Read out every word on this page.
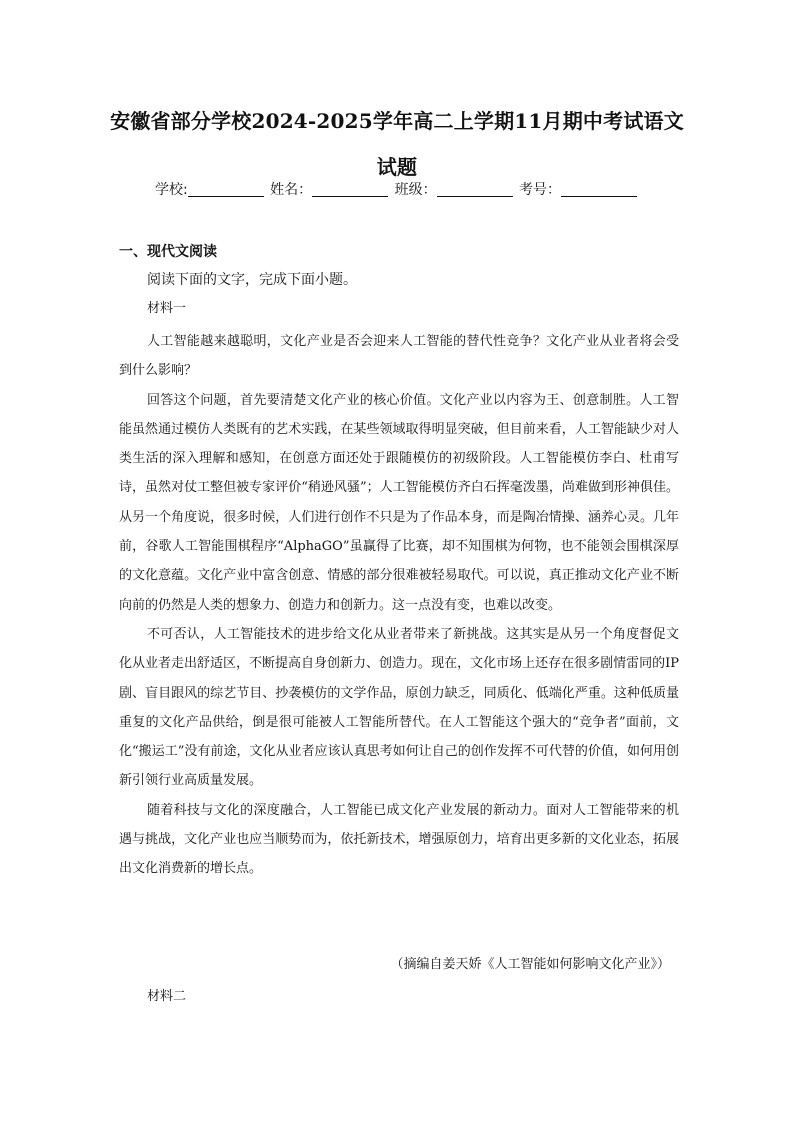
安徽省部分学校2024-2025学年高二上学期11月期中考试语文试题
学校:	姓名：	班级：	考号：
一、现代文阅读
阅读下面的文字，完成下面小题。
材料一

人工智能越来越聪明，文化产业是否会迎来人工智能的替代性竞争？文化产业从业者将会受到什么影响？

回答这个问题，首先要清楚文化产业的核心价值。文化产业以内容为王、创意制胜。人工智能虽然通过模仿人类既有的艺术实践，在某些领域取得明显突破，但目前来看，人工智能缺少对人类生活的深入理解和感知，在创意方面还处于跟随模仿的初级阶段。人工智能模仿李白、杜甫写诗，虽然对仗工整但被专家评价“稍逊风骚”；人工智能模仿齐白石挥毫泼墨，尚难做到形神俱佳。从另一个角度说，很多时候，人们进行创作不只是为了作品本身，而是陶冶情操、涵养心灵。几年前，谷歌人工智能围棋程序“AlphaGO”虽赢得了比赛，却不知围棋为何物，也不能领会围棋深厚的文化意蕴。文化产业中富含创意、情感的部分很难被轻易取代。可以说，真正推动文化产业不断向前的仍然是人类的想象力、创造力和创新力。这一点没有变，也难以改变。

不可否认，人工智能技术的进步给文化从业者带来了新挑战。这其实是从另一个角度督促文化从业者走出舒适区，不断提高自身创新力、创造力。现在，文化市场上还存在很多剧情雷同的IP剧、盲目跟风的综艺节目、抄袭模仿的文学作品，原创力缺乏，同质化、低端化严重。这种低质量重复的文化产品供给，倒是很可能被人工智能所替代。在人工智能这个强大的“竞争者”面前，文化“搬运工”没有前途，文化从业者应该认真思考如何让自己的创作发挥不可代替的价值，如何用创新引领行业高质量发展。

随着科技与文化的深度融合，人工智能已成文化产业发展的新动力。面对人工智能带来的机遇与挑战，文化产业也应当顺势而为，依托新技术，增强原创力，培育出更多新的文化业态，拓展出文化消费新的增长点。

（摘编自姜天娇《人工智能如何影响文化产业》）
材料二
